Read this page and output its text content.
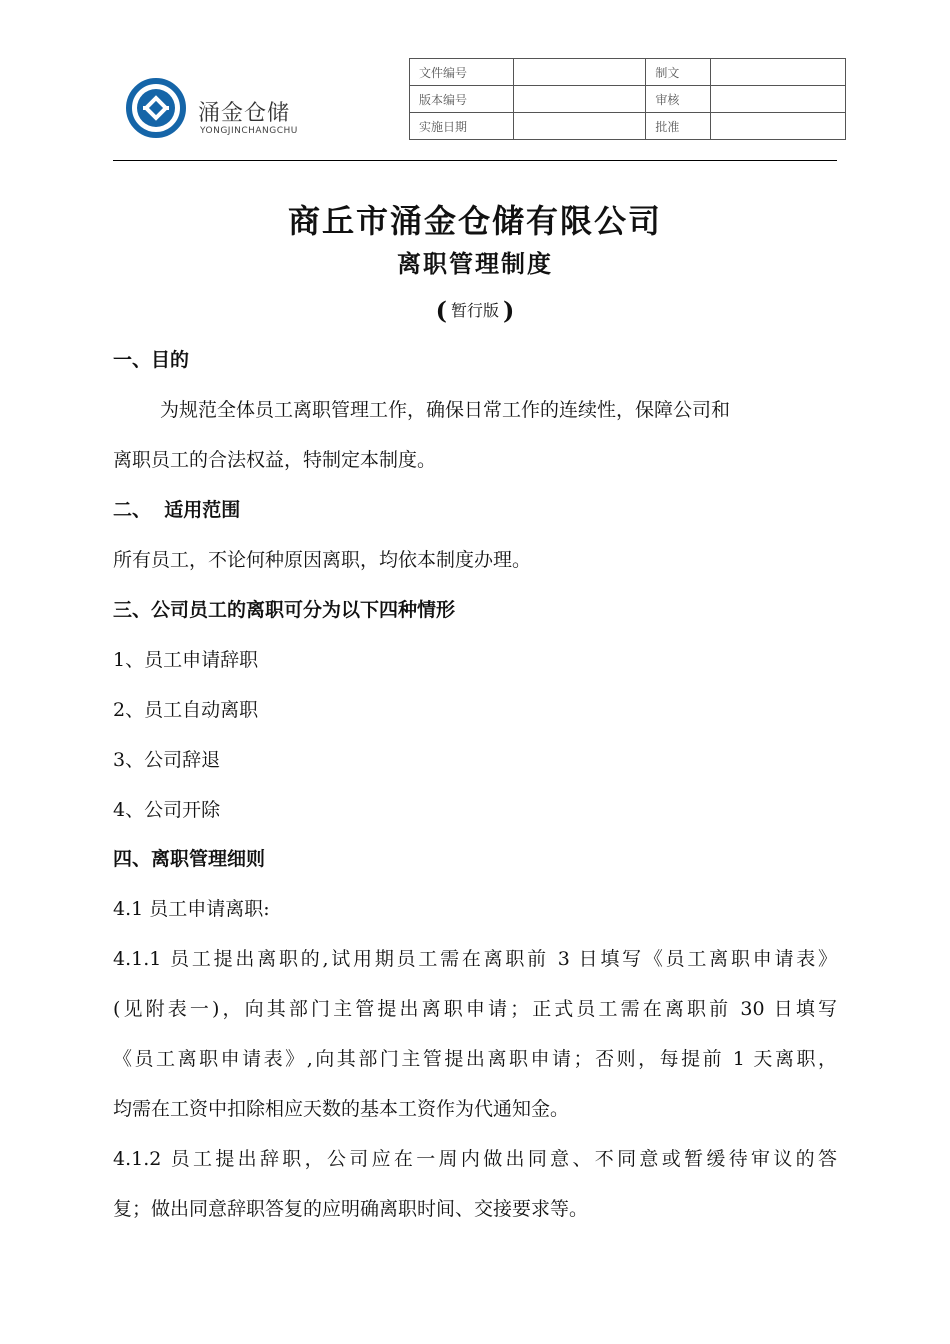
涌金仓储
YONGJINCHANGCHU
文件编号		制文	
版本编号		审核	
实施日期		批准	
商丘市涌金仓储有限公司
离职管理制度
( 暂行版 )
一、目的
为规范全体员工离职管理工作，确保日常工作的连续性，保障公司和
离职员工的合法权益，特制定本制度。
二、  适用范围
所有员工，不论何种原因离职，均依本制度办理。
三、公司员工的离职可分为以下四种情形
1、员工申请辞职
2、员工自动离职
3、公司辞退
4、公司开除
四、离职管理细则
4.1 员工申请离职:
4.1.1 员工提出离职的,试用期员工需在离职前 3 日填写《员工离职申请表》
(见附表一)，向其部门主管提出离职申请；正式员工需在离职前 30 日填写
《员工离职申请表》,向其部门主管提出离职申请；否则，每提前 1 天离职，
均需在工资中扣除相应天数的基本工资作为代通知金。
4.1.2 员工提出辞职，公司应在一周内做出同意、不同意或暂缓待审议的答
复；做出同意辞职答复的应明确离职时间、交接要求等。
